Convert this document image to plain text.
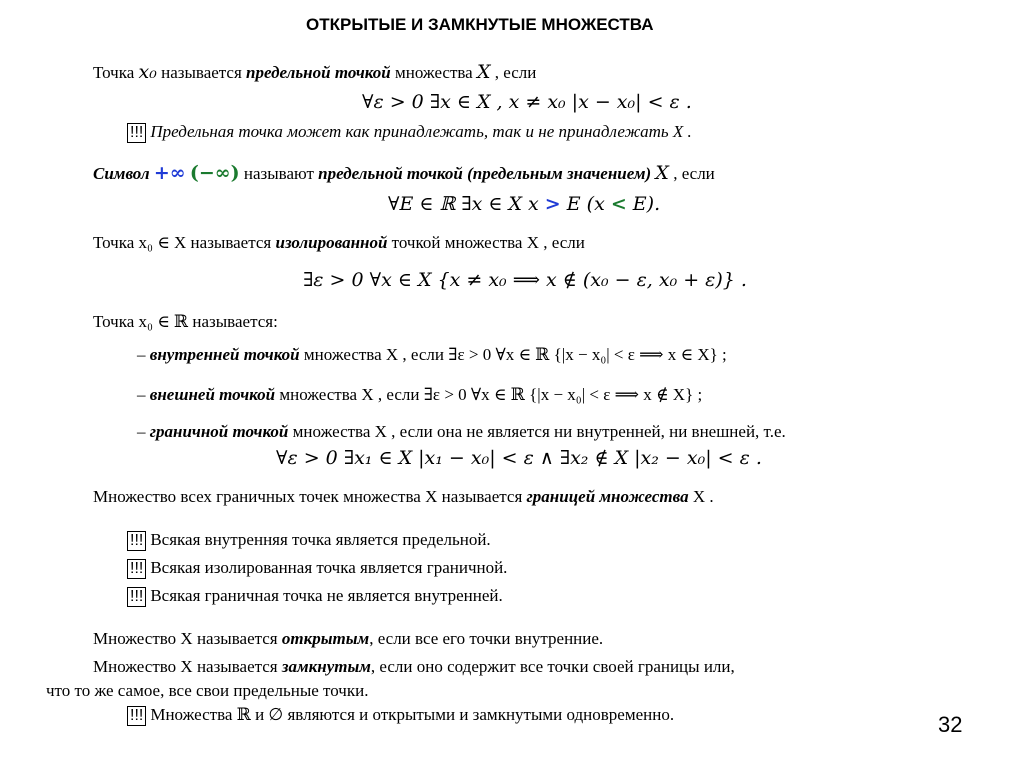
ОТКРЫТЫЕ И ЗАМКНУТЫЕ МНОЖЕСТВА
Точка x₀ называется предельной точкой множества X , если
∀ε > 0 ∃x ∈ X , x ≠ x₀ |x − x₀| < ε .
!!! Предельная точка может как принадлежать, так и не принадлежать X .
Символ +∞ (−∞) называют предельной точкой (предельным значением) X , если
∀E ∈ ℝ ∃x ∈ X x > E (x < E).
Точка x₀ ∈ X называется изолированной точкой множества X , если
∃ε > 0 ∀x ∈ X {x ≠ x₀ ⟹ x ∉ (x₀ − ε, x₀ + ε)} .
Точка x₀ ∈ ℝ называется:
– внутренней точкой множества X , если ∃ε > 0 ∀x ∈ ℝ {|x − x₀| < ε ⟹ x ∈ X} ;
– внешней точкой множества X , если ∃ε > 0 ∀x ∈ ℝ {|x − x₀| < ε ⟹ x ∉ X} ;
– граничной точкой множества X , если она не является ни внутренней, ни внешней, т.е.
∀ε > 0 ∃x₁ ∈ X |x₁ − x₀| < ε ∧ ∃x₂ ∉ X |x₂ − x₀| < ε .
Множество всех граничных точек множества X называется границей множества X .
!!! Всякая внутренняя точка является предельной.
!!! Всякая изолированная точка является граничной.
!!! Всякая граничная точка не является внутренней.
Множество X называется открытым, если все его точки внутренние.
Множество X называется замкнутым, если оно содержит все точки своей границы или,
что то же самое, все свои предельные точки.
!!! Множества ℝ и ∅ являются и открытыми и замкнутыми одновременно.	32
